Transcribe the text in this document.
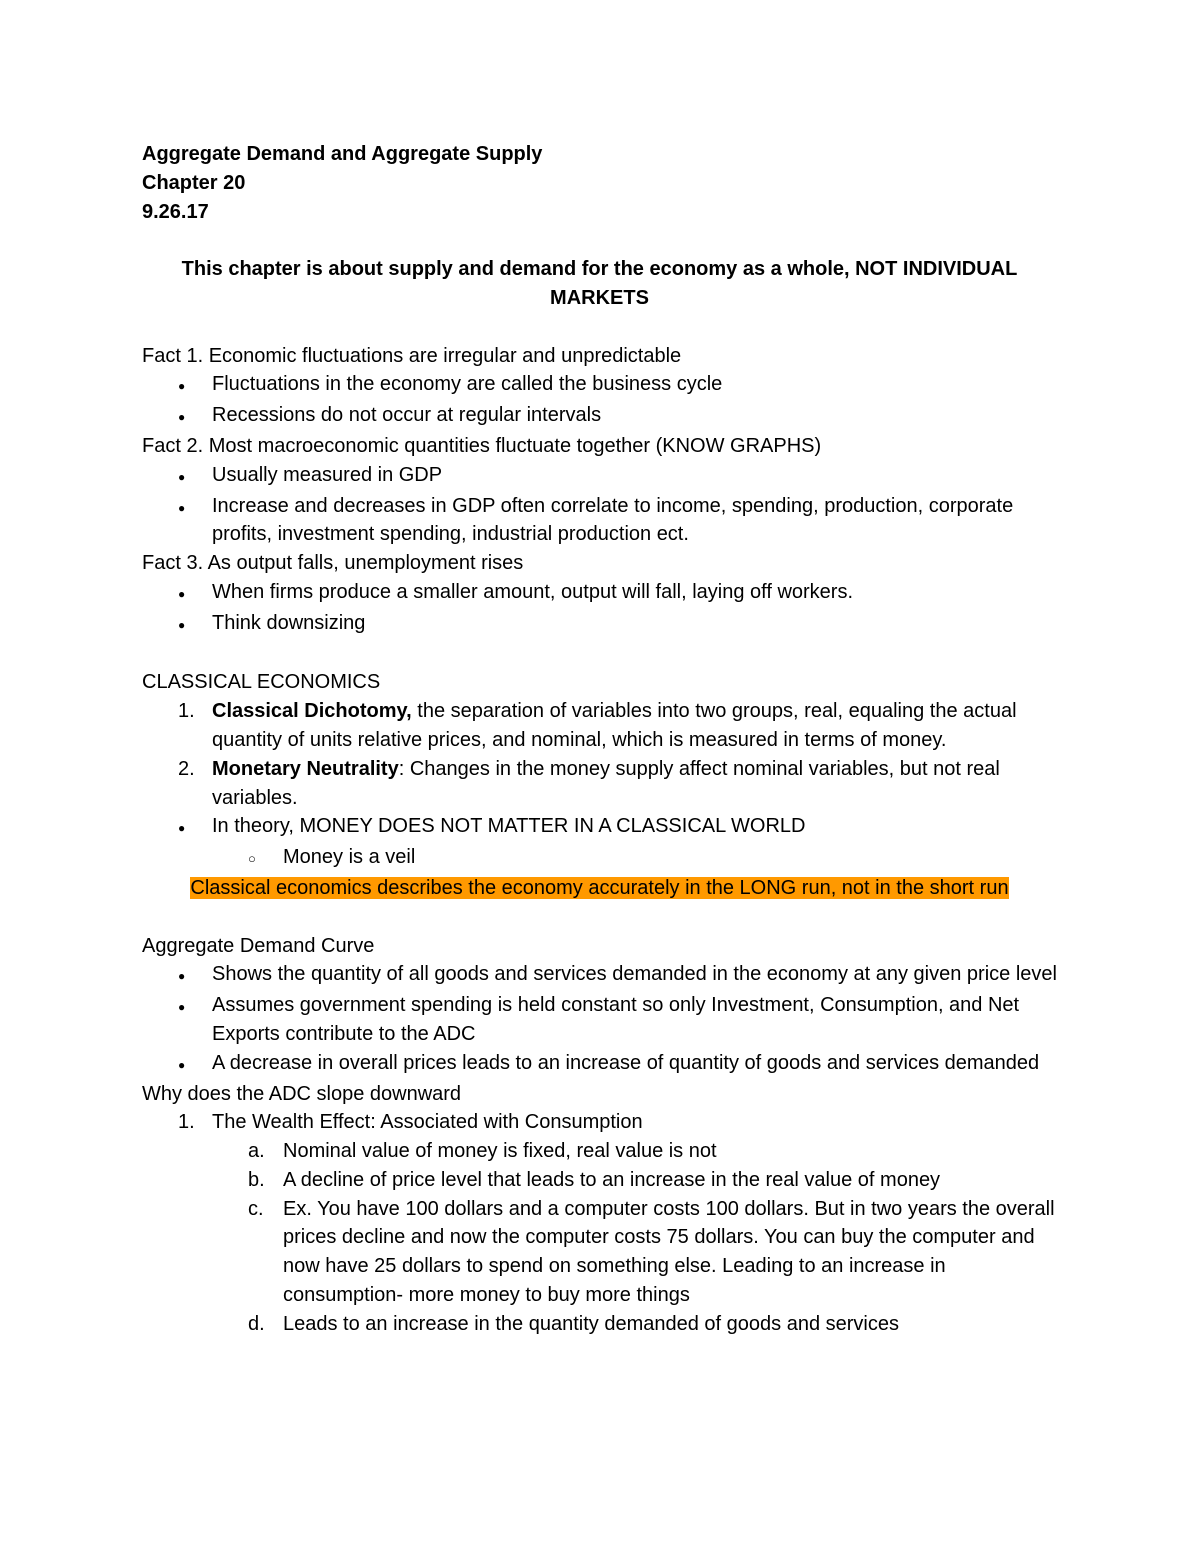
Aggregate Demand and Aggregate Supply
Chapter 20
9.26.17
This chapter is about supply and demand for the economy as a whole, NOT INDIVIDUAL MARKETS
Fact 1. Economic fluctuations are irregular and unpredictable
●	Fluctuations in the economy are called the business cycle
●	Recessions do not occur at regular intervals
Fact 2. Most macroeconomic quantities fluctuate together (KNOW GRAPHS)
●	Usually measured in GDP
●	Increase and decreases in GDP often correlate to income, spending, production, corporate profits, investment spending, industrial production ect.
Fact 3. As output falls, unemployment rises
●	When firms produce a smaller amount, output will fall, laying off workers.
●	Think downsizing
CLASSICAL ECONOMICS
1. Classical Dichotomy, the separation of variables into two groups, real, equaling the actual quantity of units relative prices, and nominal, which is measured in terms of money.
2. Monetary Neutrality: Changes in the money supply affect nominal variables, but not real variables.
●	In theory, MONEY DOES NOT MATTER IN A CLASSICAL WORLD
○	Money is a veil
Classical economics describes the economy accurately in the LONG run, not in the short run
Aggregate Demand Curve
●	Shows the quantity of all goods and services demanded in the economy at any given price level
●	Assumes government spending is held constant so only Investment, Consumption, and Net Exports contribute to the ADC
●	A decrease in overall prices leads to an increase of quantity of goods and services demanded
Why does the ADC slope downward
1. The Wealth Effect: Associated with Consumption
a. Nominal value of money is fixed, real value is not
b. A decline of price level that leads to an increase in the real value of money
c. Ex. You have 100 dollars and a computer costs 100 dollars. But in two years the overall prices decline and now the computer costs 75 dollars. You can buy the computer and now have 25 dollars to spend on something else. Leading to an increase in consumption- more money to buy more things
d. Leads to an increase in the quantity demanded of goods and services
